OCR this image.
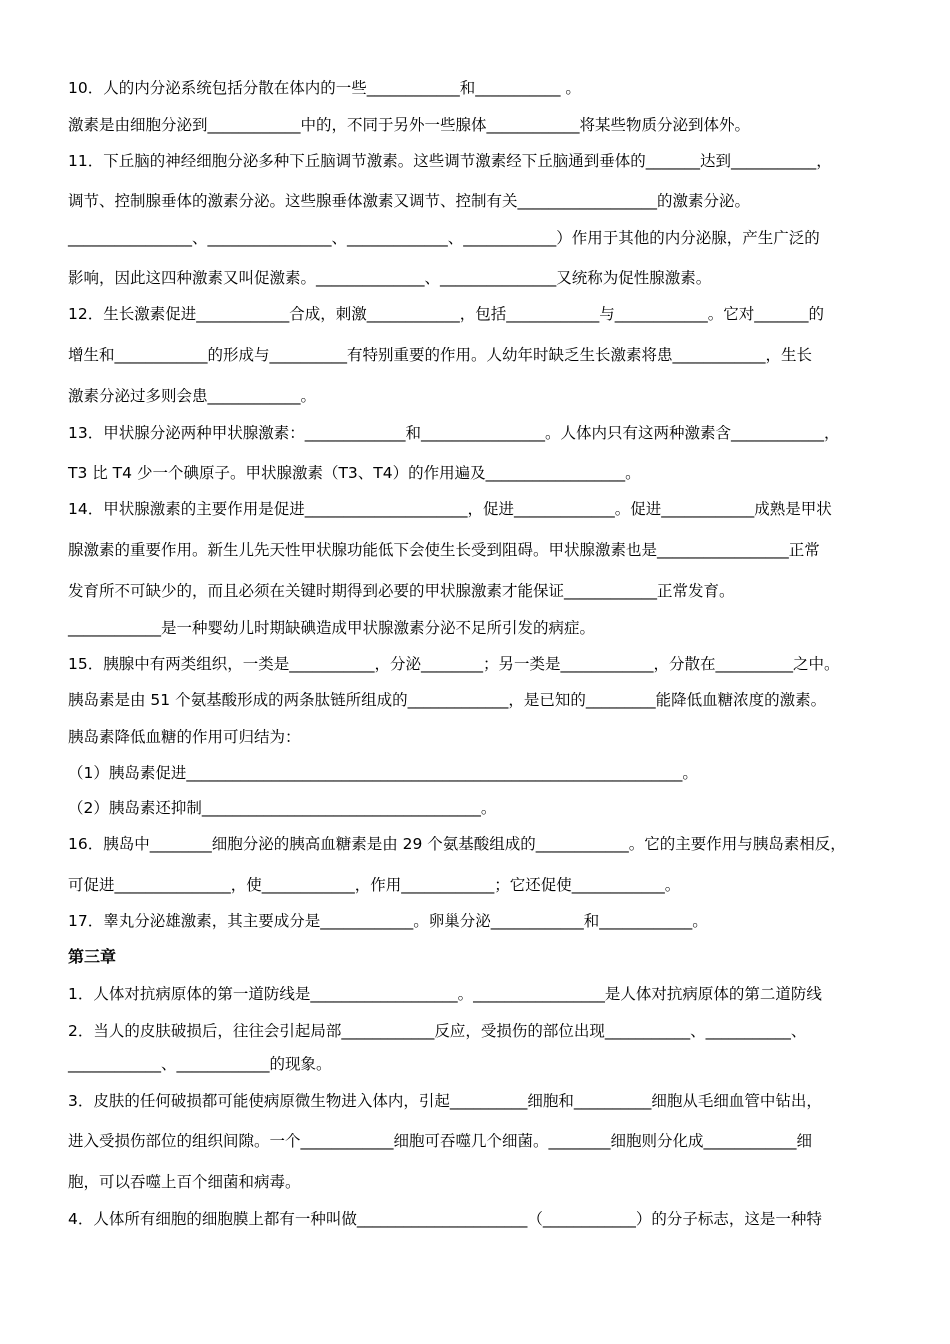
10．人的内分泌系统包括分散在体内的一些____________和___________ 。
激素是由细胞分泌到____________中的，不同于另外一些腺体____________将某些物质分泌到体外。
11．下丘脑的神经细胞分泌多种下丘脑调节激素。这些调节激素经下丘脑通到垂体的_______达到___________，
调节、控制腺垂体的激素分泌。这些腺垂体激素又调节、控制有关__________________的激素分泌。
________________、________________、_____________、____________）作用于其他的内分泌腺，产生广泛的
影响，因此这四种激素又叫促激素。______________、_______________又统称为促性腺激素。
12．生长激素促进____________合成，刺激____________，包括____________与____________。它对_______的
增生和____________的形成与__________有特别重要的作用。人幼年时缺乏生长激素将患____________，生长
激素分泌过多则会患____________。
13．甲状腺分泌两种甲状腺激素：_____________和________________。人体内只有这两种激素含____________，
T3 比 T4 少一个碘原子。甲状腺激素（T3、T4）的作用遍及__________________。
14．甲状腺激素的主要作用是促进_____________________，促进_____________。促进____________成熟是甲状
腺激素的重要作用。新生儿先天性甲状腺功能低下会使生长受到阻碍。甲状腺激素也是_________________正常
发育所不可缺少的，而且必须在关键时期得到必要的甲状腺激素才能保证____________正常发育。
____________是一种婴幼儿时期缺碘造成甲状腺激素分泌不足所引发的病症。
15．胰腺中有两类组织，一类是___________，分泌________；另一类是____________，分散在__________之中。
胰岛素是由 51 个氨基酸形成的两条肽链所组成的_____________，是已知的_________能降低血糖浓度的激素。
胰岛素降低血糖的作用可归结为：
（1）胰岛素促进________________________________________________________________。
（2）胰岛素还抑制____________________________________。
16．胰岛中________细胞分泌的胰高血糖素是由 29 个氨基酸组成的____________。它的主要作用与胰岛素相反，
可促进_______________，使____________，作用____________；它还促使____________。
17．睾丸分泌雄激素，其主要成分是____________。卵巢分泌____________和____________。
第三章
1．人体对抗病原体的第一道防线是___________________。_________________是人体对抗病原体的第二道防线
2．当人的皮肤破损后，往往会引起局部____________反应，受损伤的部位出现___________、___________、
____________、____________的现象。
3．皮肤的任何破损都可能使病原微生物进入体内，引起__________细胞和__________细胞从毛细血管中钻出，
进入受损伤部位的组织间隙。一个____________细胞可吞噬几个细菌。________细胞则分化成____________细
胞，可以吞噬上百个细菌和病毒。
4．人体所有细胞的细胞膜上都有一种叫做______________________（____________）的分子标志，这是一种特
